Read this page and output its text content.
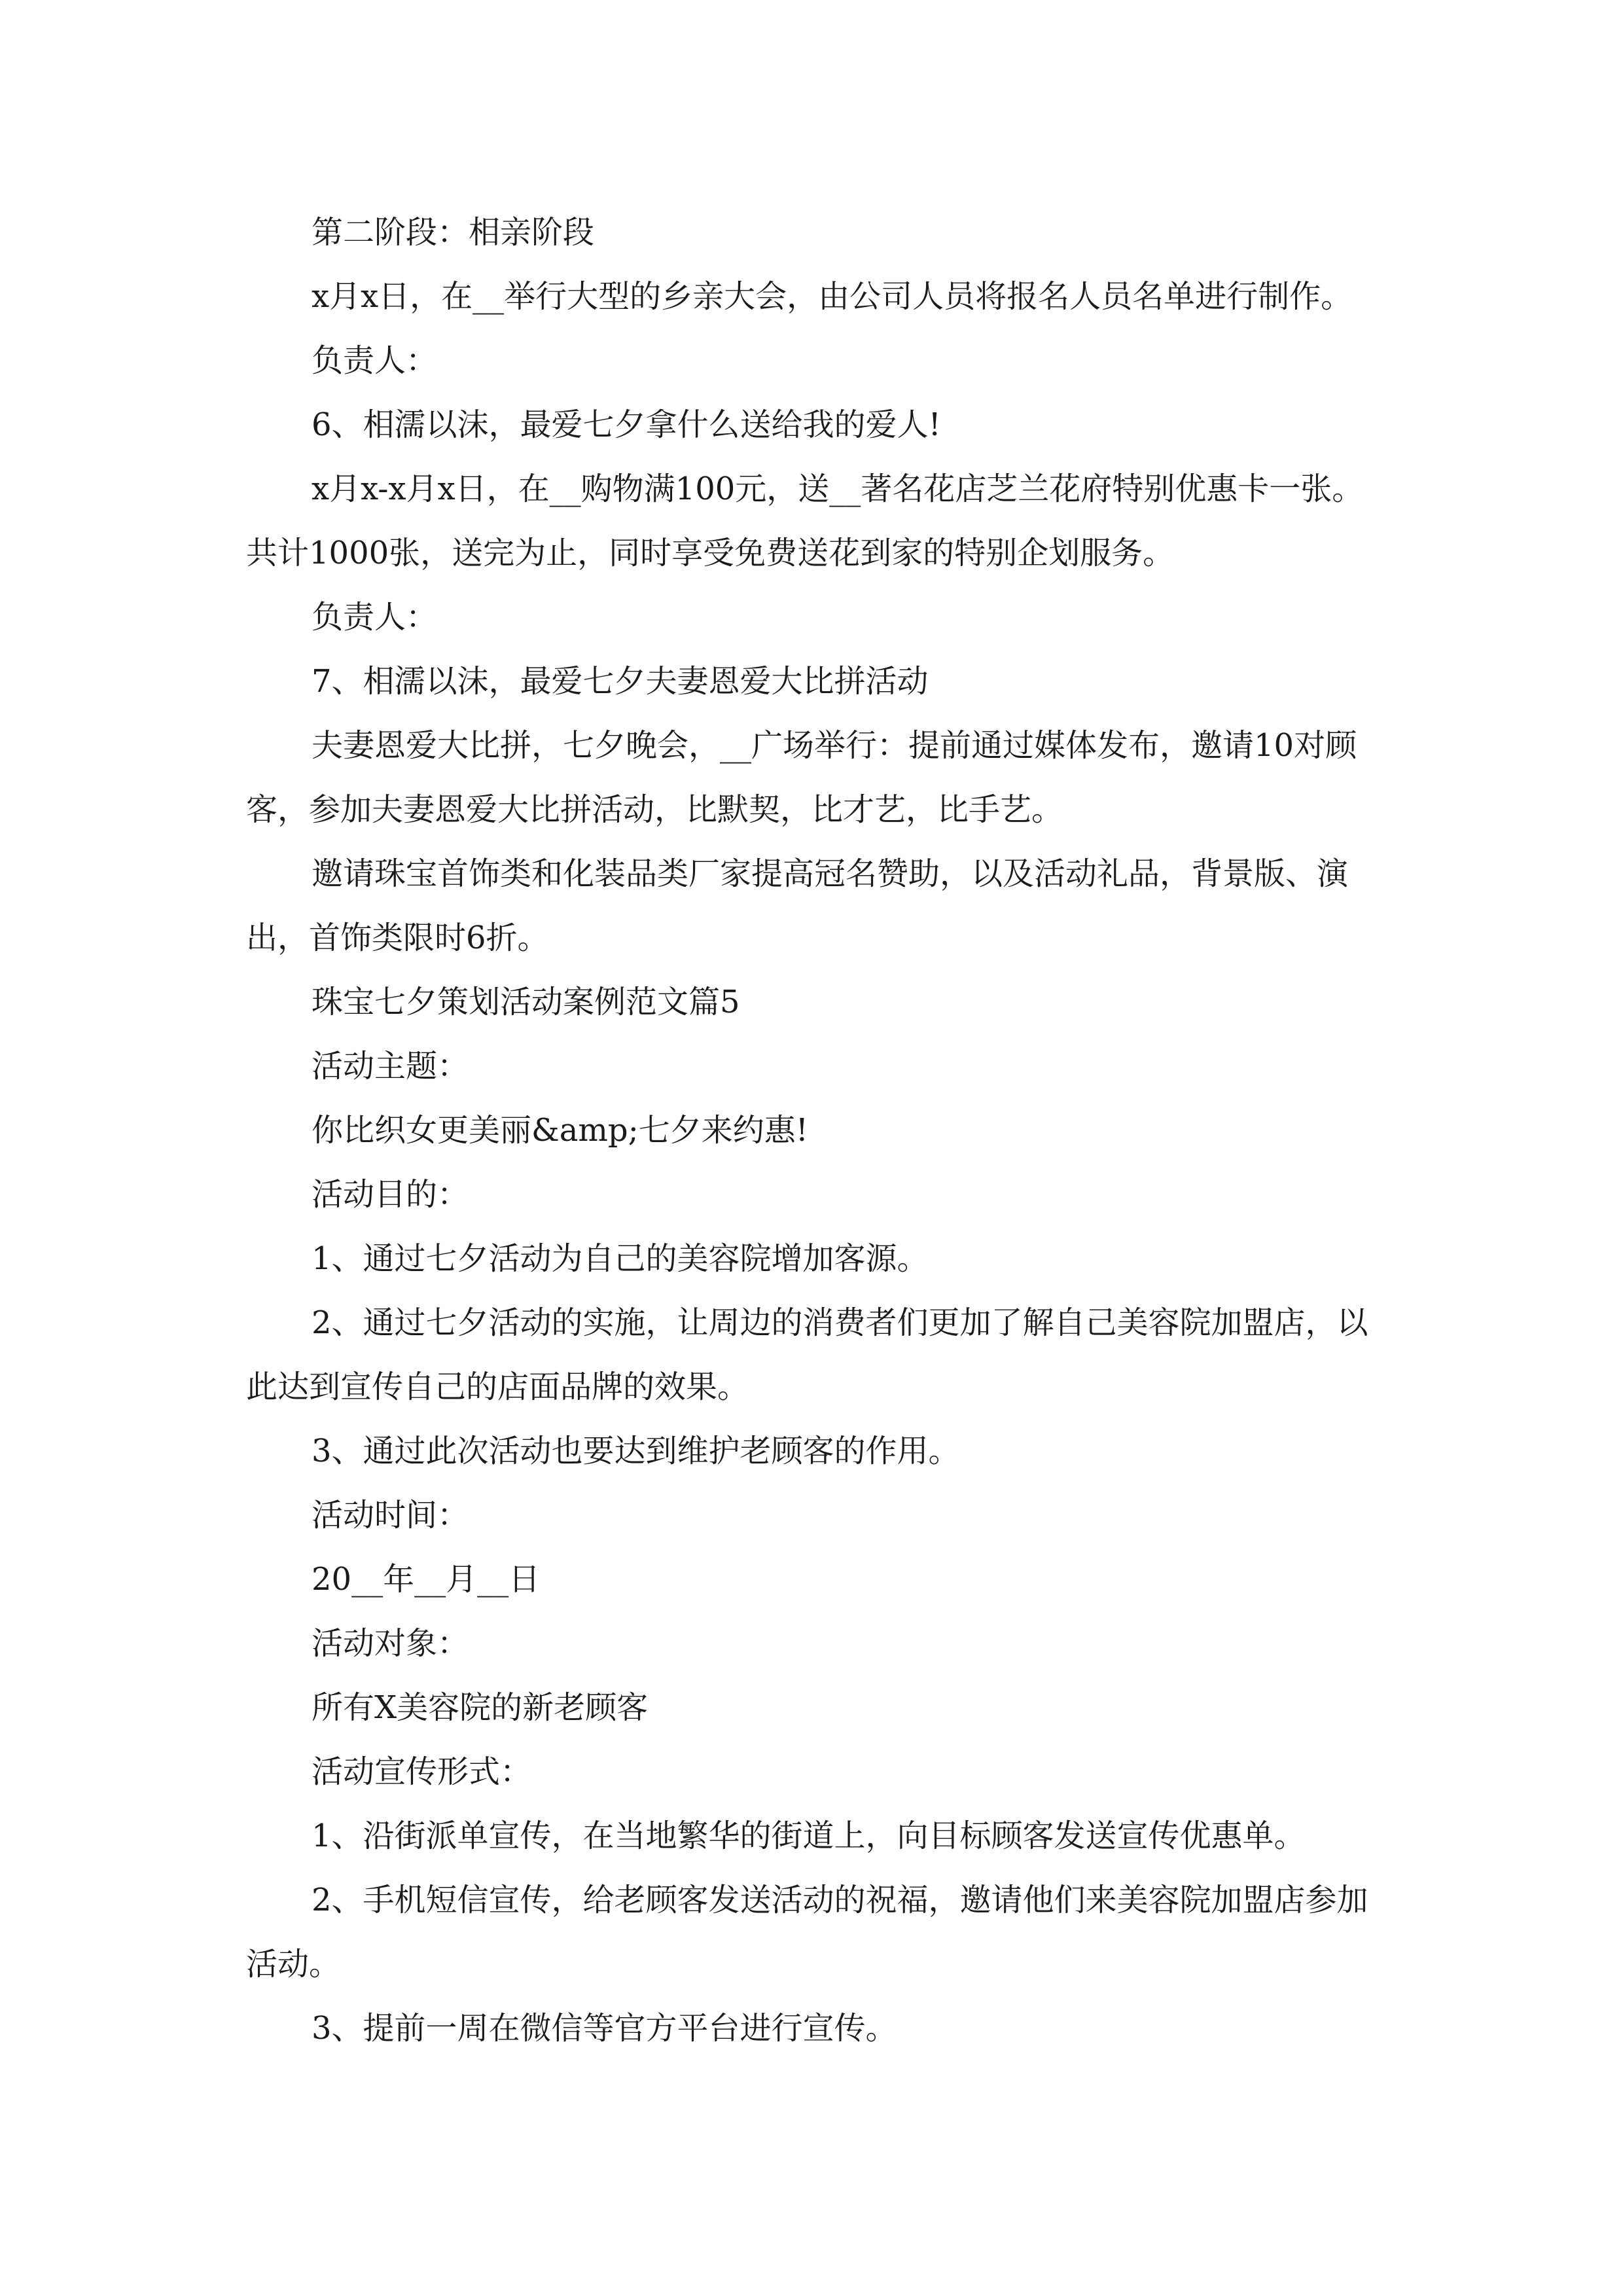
第二阶段：相亲阶段

x月x日，在__举行大型的乡亲大会，由公司人员将报名人员名单进行制作。

负责人：

6、相濡以沫，最爱七夕拿什么送给我的爱人!

x月x-x月x日，在__购物满100元，送__著名花店芝兰花府特别优惠卡一张。共计1000张，送完为止，同时享受免费送花到家的特别企划服务。

负责人：

7、相濡以沫，最爱七夕夫妻恩爱大比拼活动

夫妻恩爱大比拼，七夕晚会，__广场举行：提前通过媒体发布，邀请10对顾客，参加夫妻恩爱大比拼活动，比默契，比才艺，比手艺。

邀请珠宝首饰类和化装品类厂家提高冠名赞助，以及活动礼品，背景版、演出，首饰类限时6折。

珠宝七夕策划活动案例范文篇5

活动主题：

你比织女更美丽&amp;七夕来约惠!

活动目的：

1、通过七夕活动为自己的美容院增加客源。

2、通过七夕活动的实施，让周边的消费者们更加了解自己美容院加盟店，以此达到宣传自己的店面品牌的效果。

3、通过此次活动也要达到维护老顾客的作用。

活动时间：

20__年__月__日

活动对象：

所有X美容院的新老顾客

活动宣传形式：

1、沿街派单宣传，在当地繁华的街道上，向目标顾客发送宣传优惠单。

2、手机短信宣传，给老顾客发送活动的祝福，邀请他们来美容院加盟店参加活动。

3、提前一周在微信等官方平台进行宣传。
